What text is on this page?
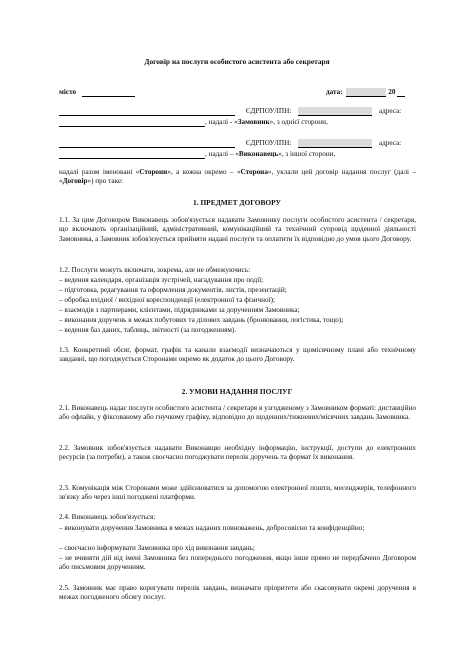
Договір на послуги особистого асистента або секретаря
місто	дата:	20
ЄДРПОУ/ІПН:	адреса:
, надалі - «Замовник», з однієї сторони,
ЄДРПОУ/ІПН:	адреса:
, надалі – «Виконавець», з іншої сторони,
надалі разом іменовані «Сторони», а кожна окремо – «Сторона», уклали цей договір надання послуг (далі – «Договір») про таке:
1. ПРЕДМЕТ ДОГОВОРУ
1.1. За цим Договором Виконавець зобов'язується надавати Замовнику послуги особистого асистента / секретаря, що включають організаційний, адміністративний, комунікаційний та технічний супровід щоденної діяльності Замовника, а Замовник зобов'язується прийняти надані послуги та оплатити їх відповідно до умов цього Договору.
1.2. Послуги можуть включати, зокрема, але не обмежуючись:
– ведення календаря, організація зустрічей, нагадування про події;
– підготовка, редагування та оформлення документів, листів, презентацій;
– обробка вхідної / вихідної кореспонденції (електронної та фізичної);
– взаємодія з партнерами, клієнтами, підрядниками за дорученням Замовника;
– виконання доручень в межах побутових та ділових завдань (бронювання, логістика, тощо);
– ведення баз даних, таблиць, звітності (за погодженням).
1.3. Конкретний обсяг, формат, графік та канали взаємодії визначаються у щомісячному плані або технічному завданні, що погоджується Сторонами окремо як додаток до цього Договору.
2. УМОВИ НАДАННЯ ПОСЛУГ
2.1. Виконавець надає послуги особистого асистента / секретаря в узгодженому з Замовником форматі: дистанційно або офлайн, у фіксованому або гнучкому графіку, відповідно до щоденних/тижневих/місячних завдань Замовника.
2.2. Замовник зобов'язується надавати Виконавцю необхідну інформацію, інструкції, доступи до електронних ресурсів (за потреби), а також своєчасно погоджувати перелік доручень та формат їх виконання.
2.3. Комунікація між Сторонами може здійснюватися за допомогою електронної пошти, месенджерів, телефонного зв'язку або через інші погоджені платформи.
2.4. Виконавець зобов'язується:
– виконувати доручення Замовника в межах наданих повноважень, добросовісно та конфіденційно;
– своєчасно інформувати Замовника про хід виконання завдань;
– не вчиняти дій від імені Замовника без попереднього погодження, якщо інше прямо не передбачено Договором або письмовим дорученням.
2.5. Замовник має право коригувати перелік завдань, визначати пріоритети або скасовувати окремі доручення в межах погодженого обсягу послуг.
